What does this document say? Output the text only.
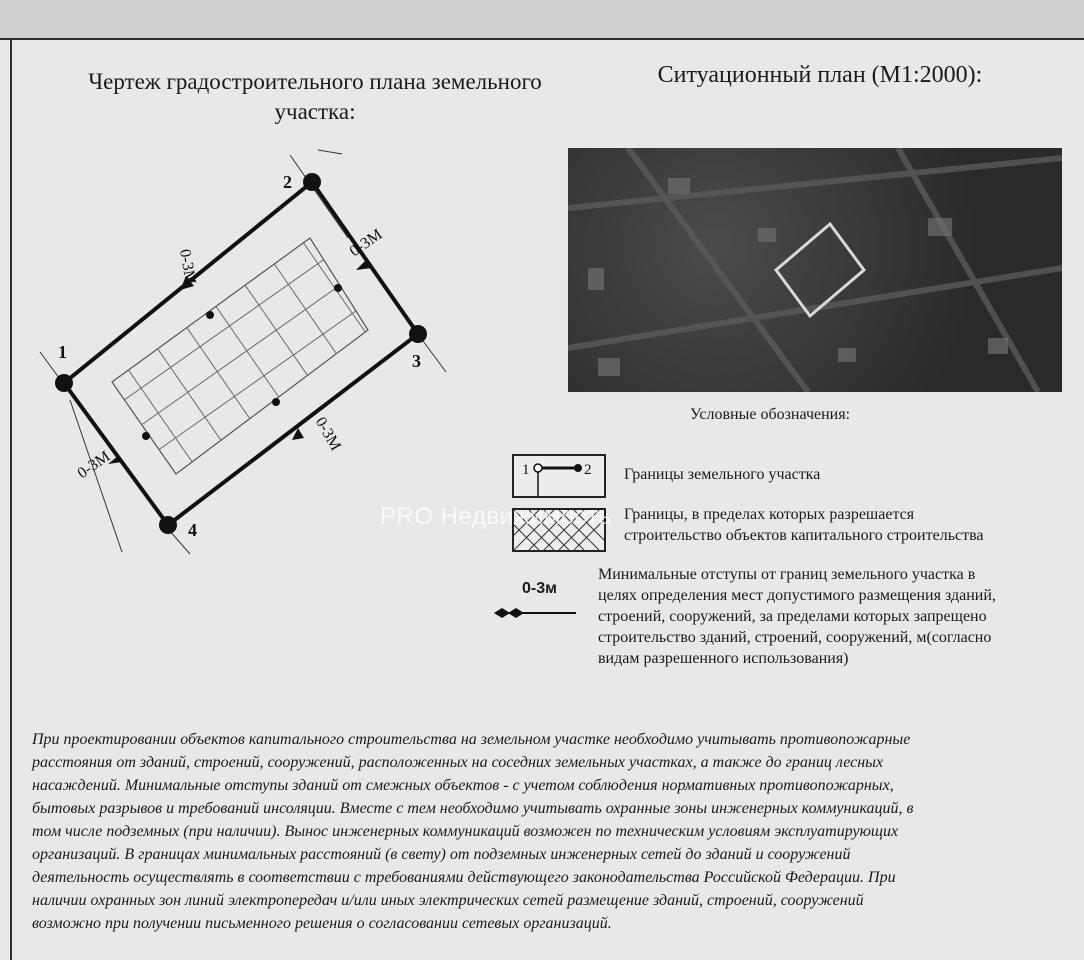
Чертеж градостроительного плана земельного участка:
Ситуационный план (М1:2000):
0-3М
0-3М
0-3М
0-3М
1
2
3
4
Условные обозначения:
1	2 Границы земельного участка
Границы, в пределах которых разрешается
строительство объектов капитального строительства
0-3м
Минимальные отступы от границ земельного участка в
целях определения мест допустимого размещения зданий,
строений, сооружений, за пределами которых запрещено
строительство зданий, строений, сооружений, м(согласно
видам разрешенного использования)
PRO Недвижимость

При проектировании объектов капитального строительства на земельном участке необходимо учитывать противопожарные

расстояния от зданий, строений, сооружений, расположенных на соседних земельных участках, а также до границ лесных

насаждений. Минимальные отступы зданий от смежных объектов - с учетом соблюдения нормативных противопожарных,

бытовых разрывов и требований инсоляции. Вместе с тем необходимо учитывать охранные зоны инженерных коммуникаций, в

том числе подземных (при наличии). Вынос инженерных коммуникаций возможен по техническим условиям эксплуатирующих

организаций. В границах минимальных расстояний (в свету) от подземных инженерных сетей до зданий и сооружений

деятельность осуществлять в соответствии с требованиями действующего законодательства Российской Федерации. При

наличии охранных зон линий электропередач и/или иных электрических сетей размещение зданий, строений, сооружений

возможно при получении письменного решения о согласовании сетевых организаций.
